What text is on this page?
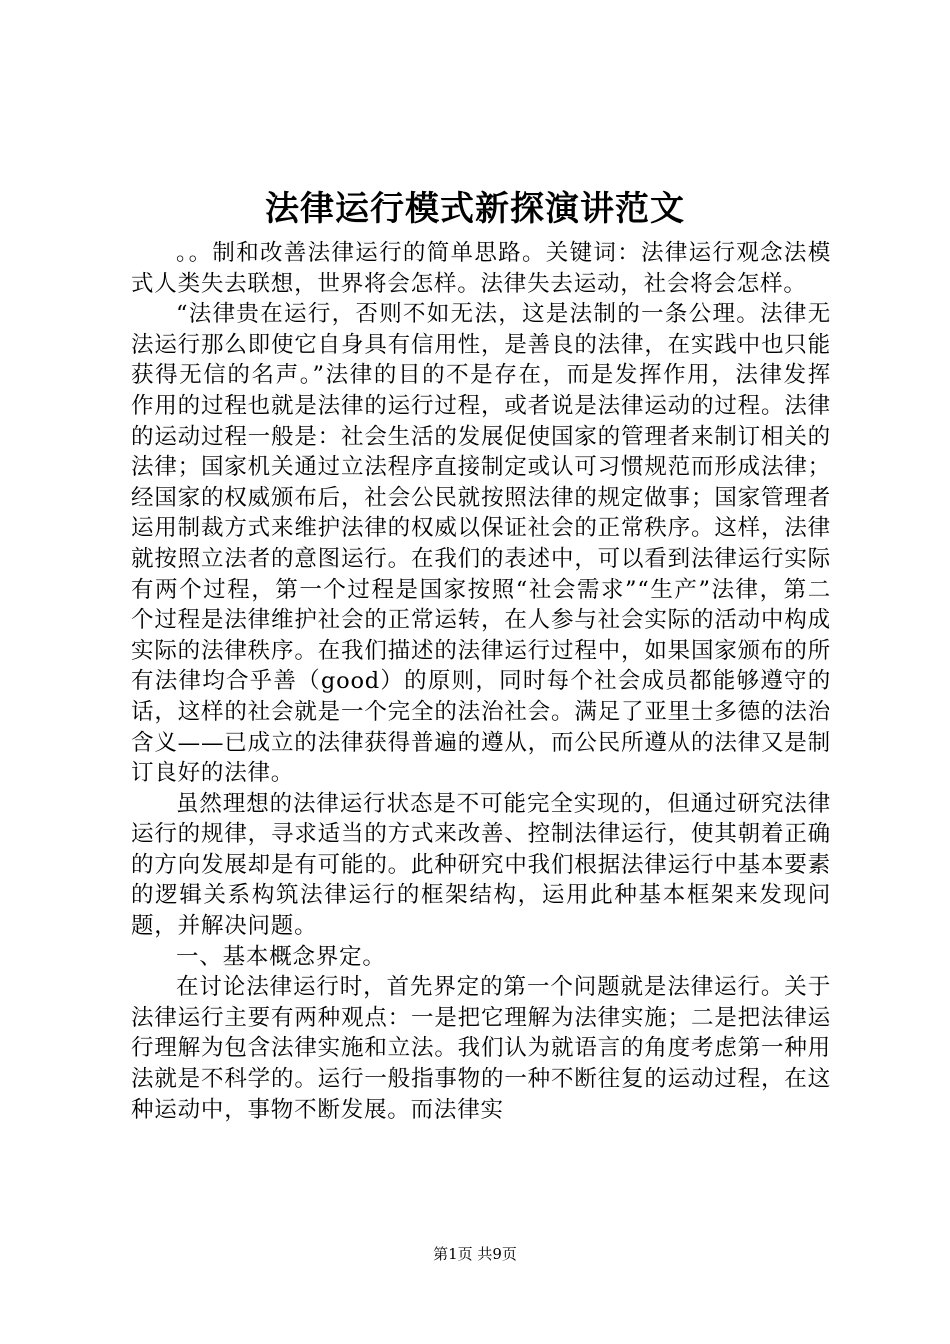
法律运行模式新探演讲范文

。。制和改善法律运行的简单思路。关键词：法律运行观念法模式人类失去联想，世界将会怎样。法律失去运动，社会将会怎样。

“法律贵在运行，否则不如无法，这是法制的一条公理。法律无法运行那么即使它自身具有信用性，是善良的法律，在实践中也只能获得无信的名声。”法律的目的不是存在，而是发挥作用，法律发挥作用的过程也就是法律的运行过程，或者说是法律运动的过程。法律的运动过程一般是：社会生活的发展促使国家的管理者来制订相关的法律；国家机关通过立法程序直接制定或认可习惯规范而形成法律；经国家的权威颁布后，社会公民就按照法律的规定做事；国家管理者运用制裁方式来维护法律的权威以保证社会的正常秩序。这样，法律就按照立法者的意图运行。在我们的表述中，可以看到法律运行实际有两个过程，第一个过程是国家按照“社会需求”“生产”法律，第二个过程是法律维护社会的正常运转，在人参与社会实际的活动中构成实际的法律秩序。在我们描述的法律运行过程中，如果国家颁布的所有法律均合乎善（good）的原则，同时每个社会成员都能够遵守的话，这样的社会就是一个完全的法治社会。满足了亚里士多德的法治含义——已成立的法律获得普遍的遵从，而公民所遵从的法律又是制订良好的法律。

虽然理想的法律运行状态是不可能完全实现的，但通过研究法律运行的规律，寻求适当的方式来改善、控制法律运行，使其朝着正确的方向发展却是有可能的。此种研究中我们根据法律运行中基本要素的逻辑关系构筑法律运行的框架结构，运用此种基本框架来发现问题，并解决问题。

一、基本概念界定。

在讨论法律运行时，首先界定的第一个问题就是法律运行。关于法律运行主要有两种观点：一是把它理解为法律实施；二是把法律运行理解为包含法律实施和立法。我们认为就语言的角度考虑第一种用法就是不科学的。运行一般指事物的一种不断往复的运动过程，在这种运动中，事物不断发展。而法律实

第1页 共9页
